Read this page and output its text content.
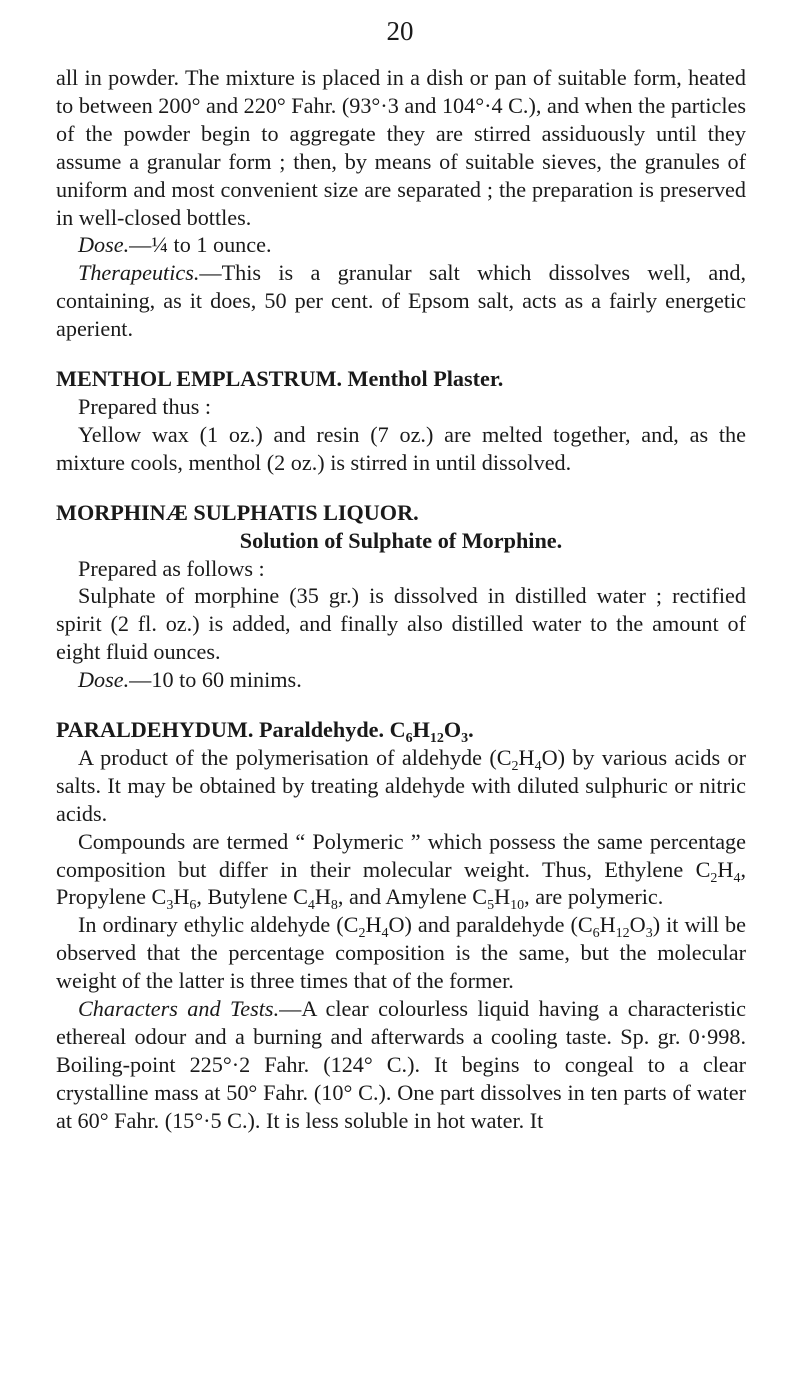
20

all in powder. The mixture is placed in a dish or pan of suitable form, heated to between 200° and 220° Fahr. (93°·3 and 104°·4 C.), and when the particles of the powder begin to aggregate they are stirred assiduously until they assume a granular form ; then, by means of suitable sieves, the granules of uniform and most convenient size are separated ; the preparation is preserved in well-closed bottles.

Dose.—¼ to 1 ounce.

Therapeutics.—This is a granular salt which dissolves well, and, containing, as it does, 50 per cent. of Epsom salt, acts as a fairly energetic aperient.

MENTHOL EMPLASTRUM. Menthol Plaster.

Prepared thus :

Yellow wax (1 oz.) and resin (7 oz.) are melted together, and, as the mixture cools, menthol (2 oz.) is stirred in until dissolved.

MORPHINÆ SULPHATIS LIQUOR.

Solution of Sulphate of Morphine.

Prepared as follows :

Sulphate of morphine (35 gr.) is dissolved in distilled water ; rectified spirit (2 fl. oz.) is added, and finally also distilled water to the amount of eight fluid ounces.

Dose.—10 to 60 minims.

PARALDEHYDUM. Paraldehyde. $C_6H_{12}O_3$.

A product of the polymerisation of aldehyde $(C_2H_4O)$ by various acids or salts. It may be obtained by treating aldehyde with diluted sulphuric or nitric acids.

Compounds are termed “ Polymeric ” which possess the same percentage composition but differ in their molecular weight. Thus, Ethylene $C_2H_4$, Propylene $C_3H_6$, Butylene $C_4H_8$, and Amylene $C_5H_{10}$, are polymeric.

In ordinary ethylic aldehyde $(C_2H_4O)$ and paraldehyde $(C_6H_{12}O_3)$ it will be observed that the percentage composition is the same, but the molecular weight of the latter is three times that of the former.

Characters and Tests.—A clear colourless liquid having a characteristic ethereal odour and a burning and afterwards a cooling taste. Sp. gr. 0·998. Boiling-point 225°·2 Fahr. (124° C.). It begins to congeal to a clear crystalline mass at 50° Fahr. (10° C.). One part dissolves in ten parts of water at 60° Fahr. (15°·5 C.). It is less soluble in hot water. It
